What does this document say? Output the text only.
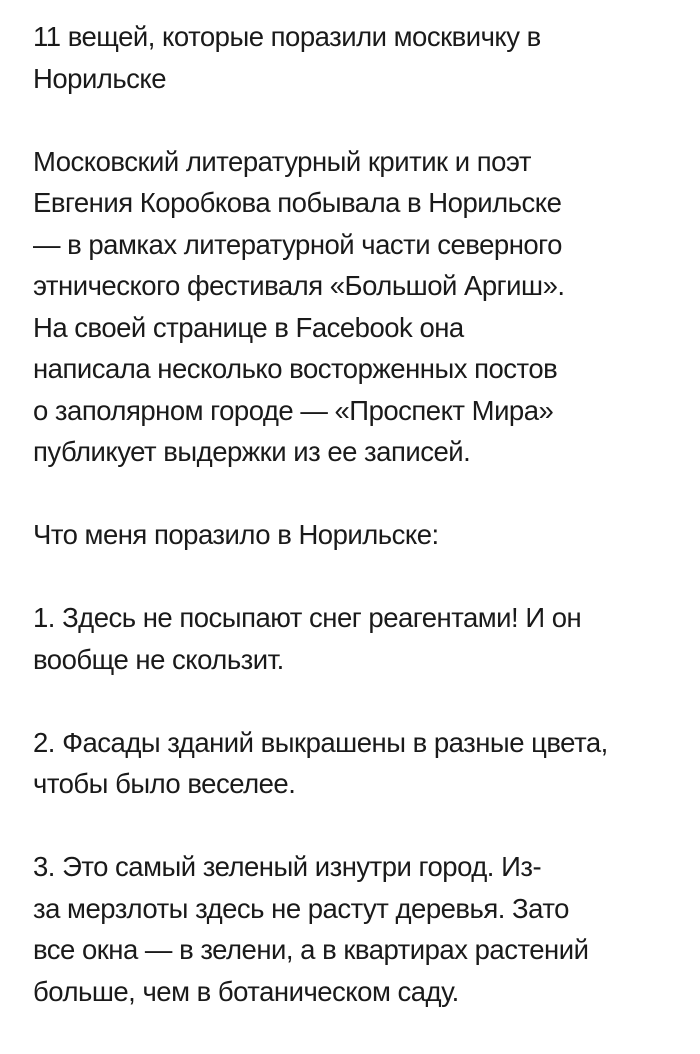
11 вещей, которые поразили москвичку в
Норильске

Московский литературный критик и поэт
Евгения Коробкова побывала в Норильске
— в рамках литературной части северного
этнического фестиваля «Большой Аргиш».
На своей странице в Facebook она
написала несколько восторженных постов
о заполярном городе — «Проспект Мира»
публикует выдержки из ее записей.

Что меня поразило в Норильске:

1. Здесь не посыпают снег реагентами! И он
вообще не скользит.

2. Фасады зданий выкрашены в разные цвета,
чтобы было веселее.

3. Это самый зеленый изнутри город. Из-
за мерзлоты здесь не растут деревья. Зато
все окна — в зелени, а в квартирах растений
больше, чем в ботаническом саду.
